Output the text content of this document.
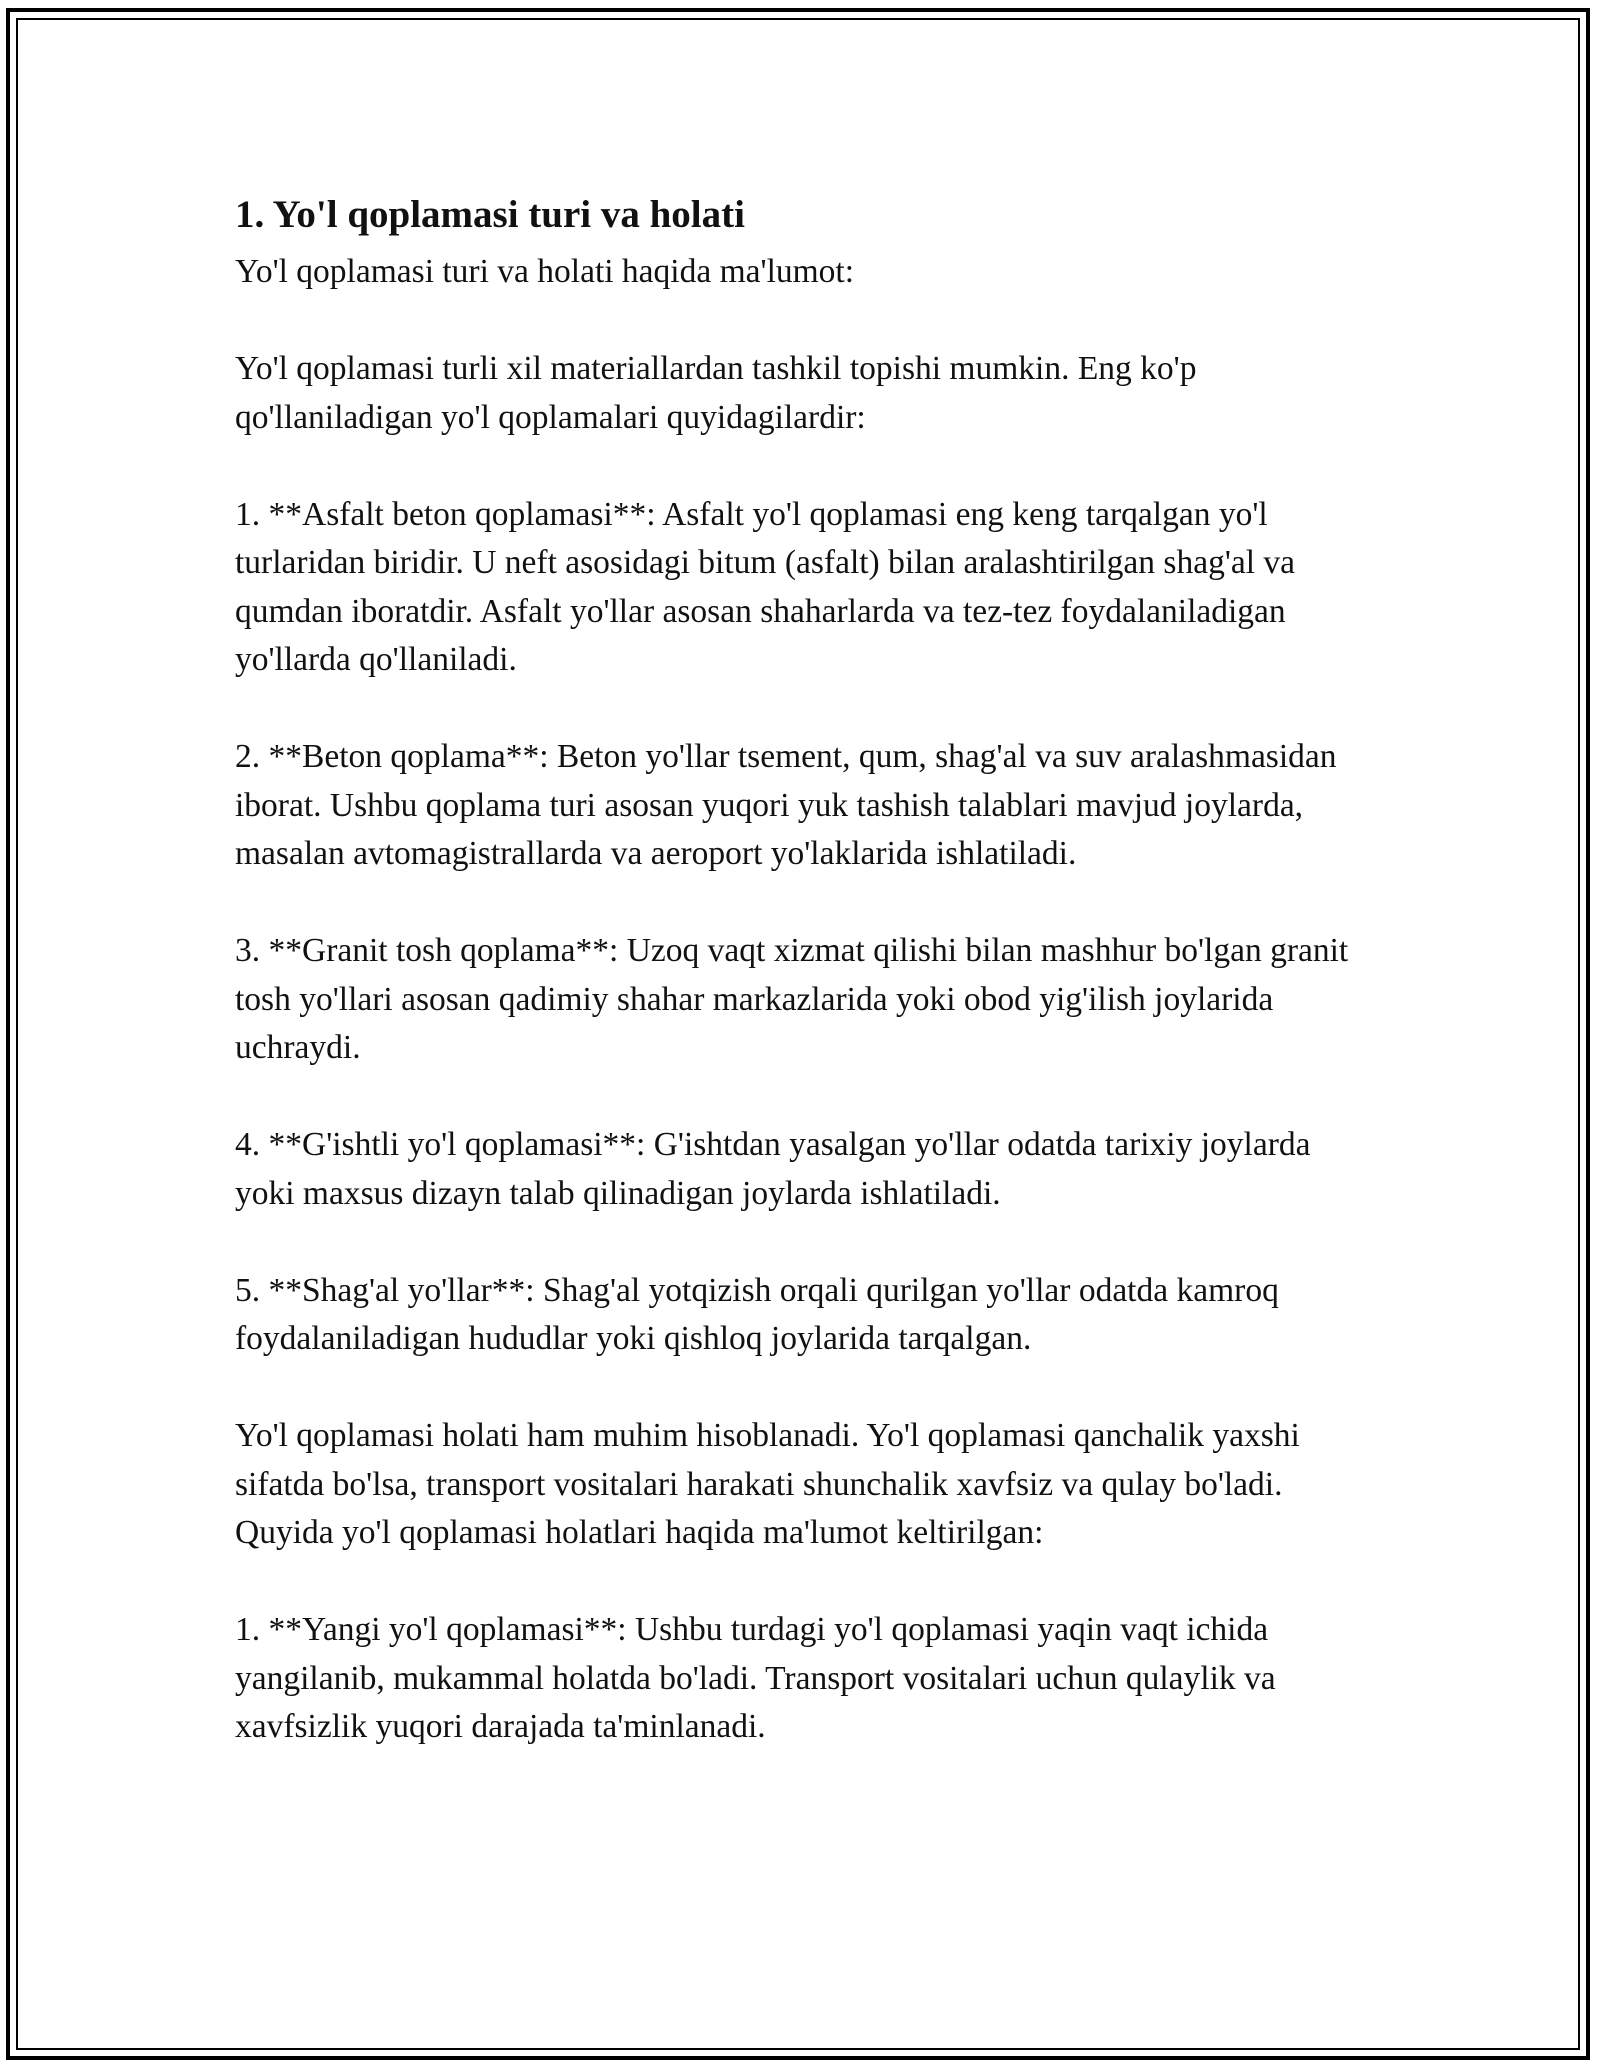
1. Yo'l qoplamasi turi va holati

Yo'l qoplamasi turi va holati haqida ma'lumot:

Yo'l qoplamasi turli xil materiallardan tashkil topishi mumkin. Eng ko'p qo'llaniladigan yo'l qoplamalari quyidagilardir:

1. **Asfalt beton qoplamasi**: Asfalt yo'l qoplamasi eng keng tarqalgan yo'l turlaridan biridir. U neft asosidagi bitum (asfalt) bilan aralashtirilgan shag'al va qumdan iboratdir. Asfalt yo'llar asosan shaharlarda va tez-tez foydalaniladigan yo'llarda qo'llaniladi.

2. **Beton qoplama**: Beton yo'llar tsement, qum, shag'al va suv aralashmasidan iborat. Ushbu qoplama turi asosan yuqori yuk tashish talablari mavjud joylarda, masalan avtomagistrallarda va aeroport yo'laklarida ishlatiladi.

3. **Granit tosh qoplama**: Uzoq vaqt xizmat qilishi bilan mashhur bo'lgan granit tosh yo'llari asosan qadimiy shahar markazlarida yoki obod yig'ilish joylarida uchraydi.

4. **G'ishtli yo'l qoplamasi**: G'ishtdan yasalgan yo'llar odatda tarixiy joylarda yoki maxsus dizayn talab qilinadigan joylarda ishlatiladi.

5. **Shag'al yo'llar**: Shag'al yotqizish orqali qurilgan yo'llar odatda kamroq foydalaniladigan hududlar yoki qishloq joylarida tarqalgan.

Yo'l qoplamasi holati ham muhim hisoblanadi. Yo'l qoplamasi qanchalik yaxshi sifatda bo'lsa, transport vositalari harakati shunchalik xavfsiz va qulay bo'ladi. Quyida yo'l qoplamasi holatlari haqida ma'lumot keltirilgan:

1. **Yangi yo'l qoplamasi**: Ushbu turdagi yo'l qoplamasi yaqin vaqt ichida yangilanib, mukammal holatda bo'ladi. Transport vositalari uchun qulaylik va xavfsizlik yuqori darajada ta'minlanadi.
